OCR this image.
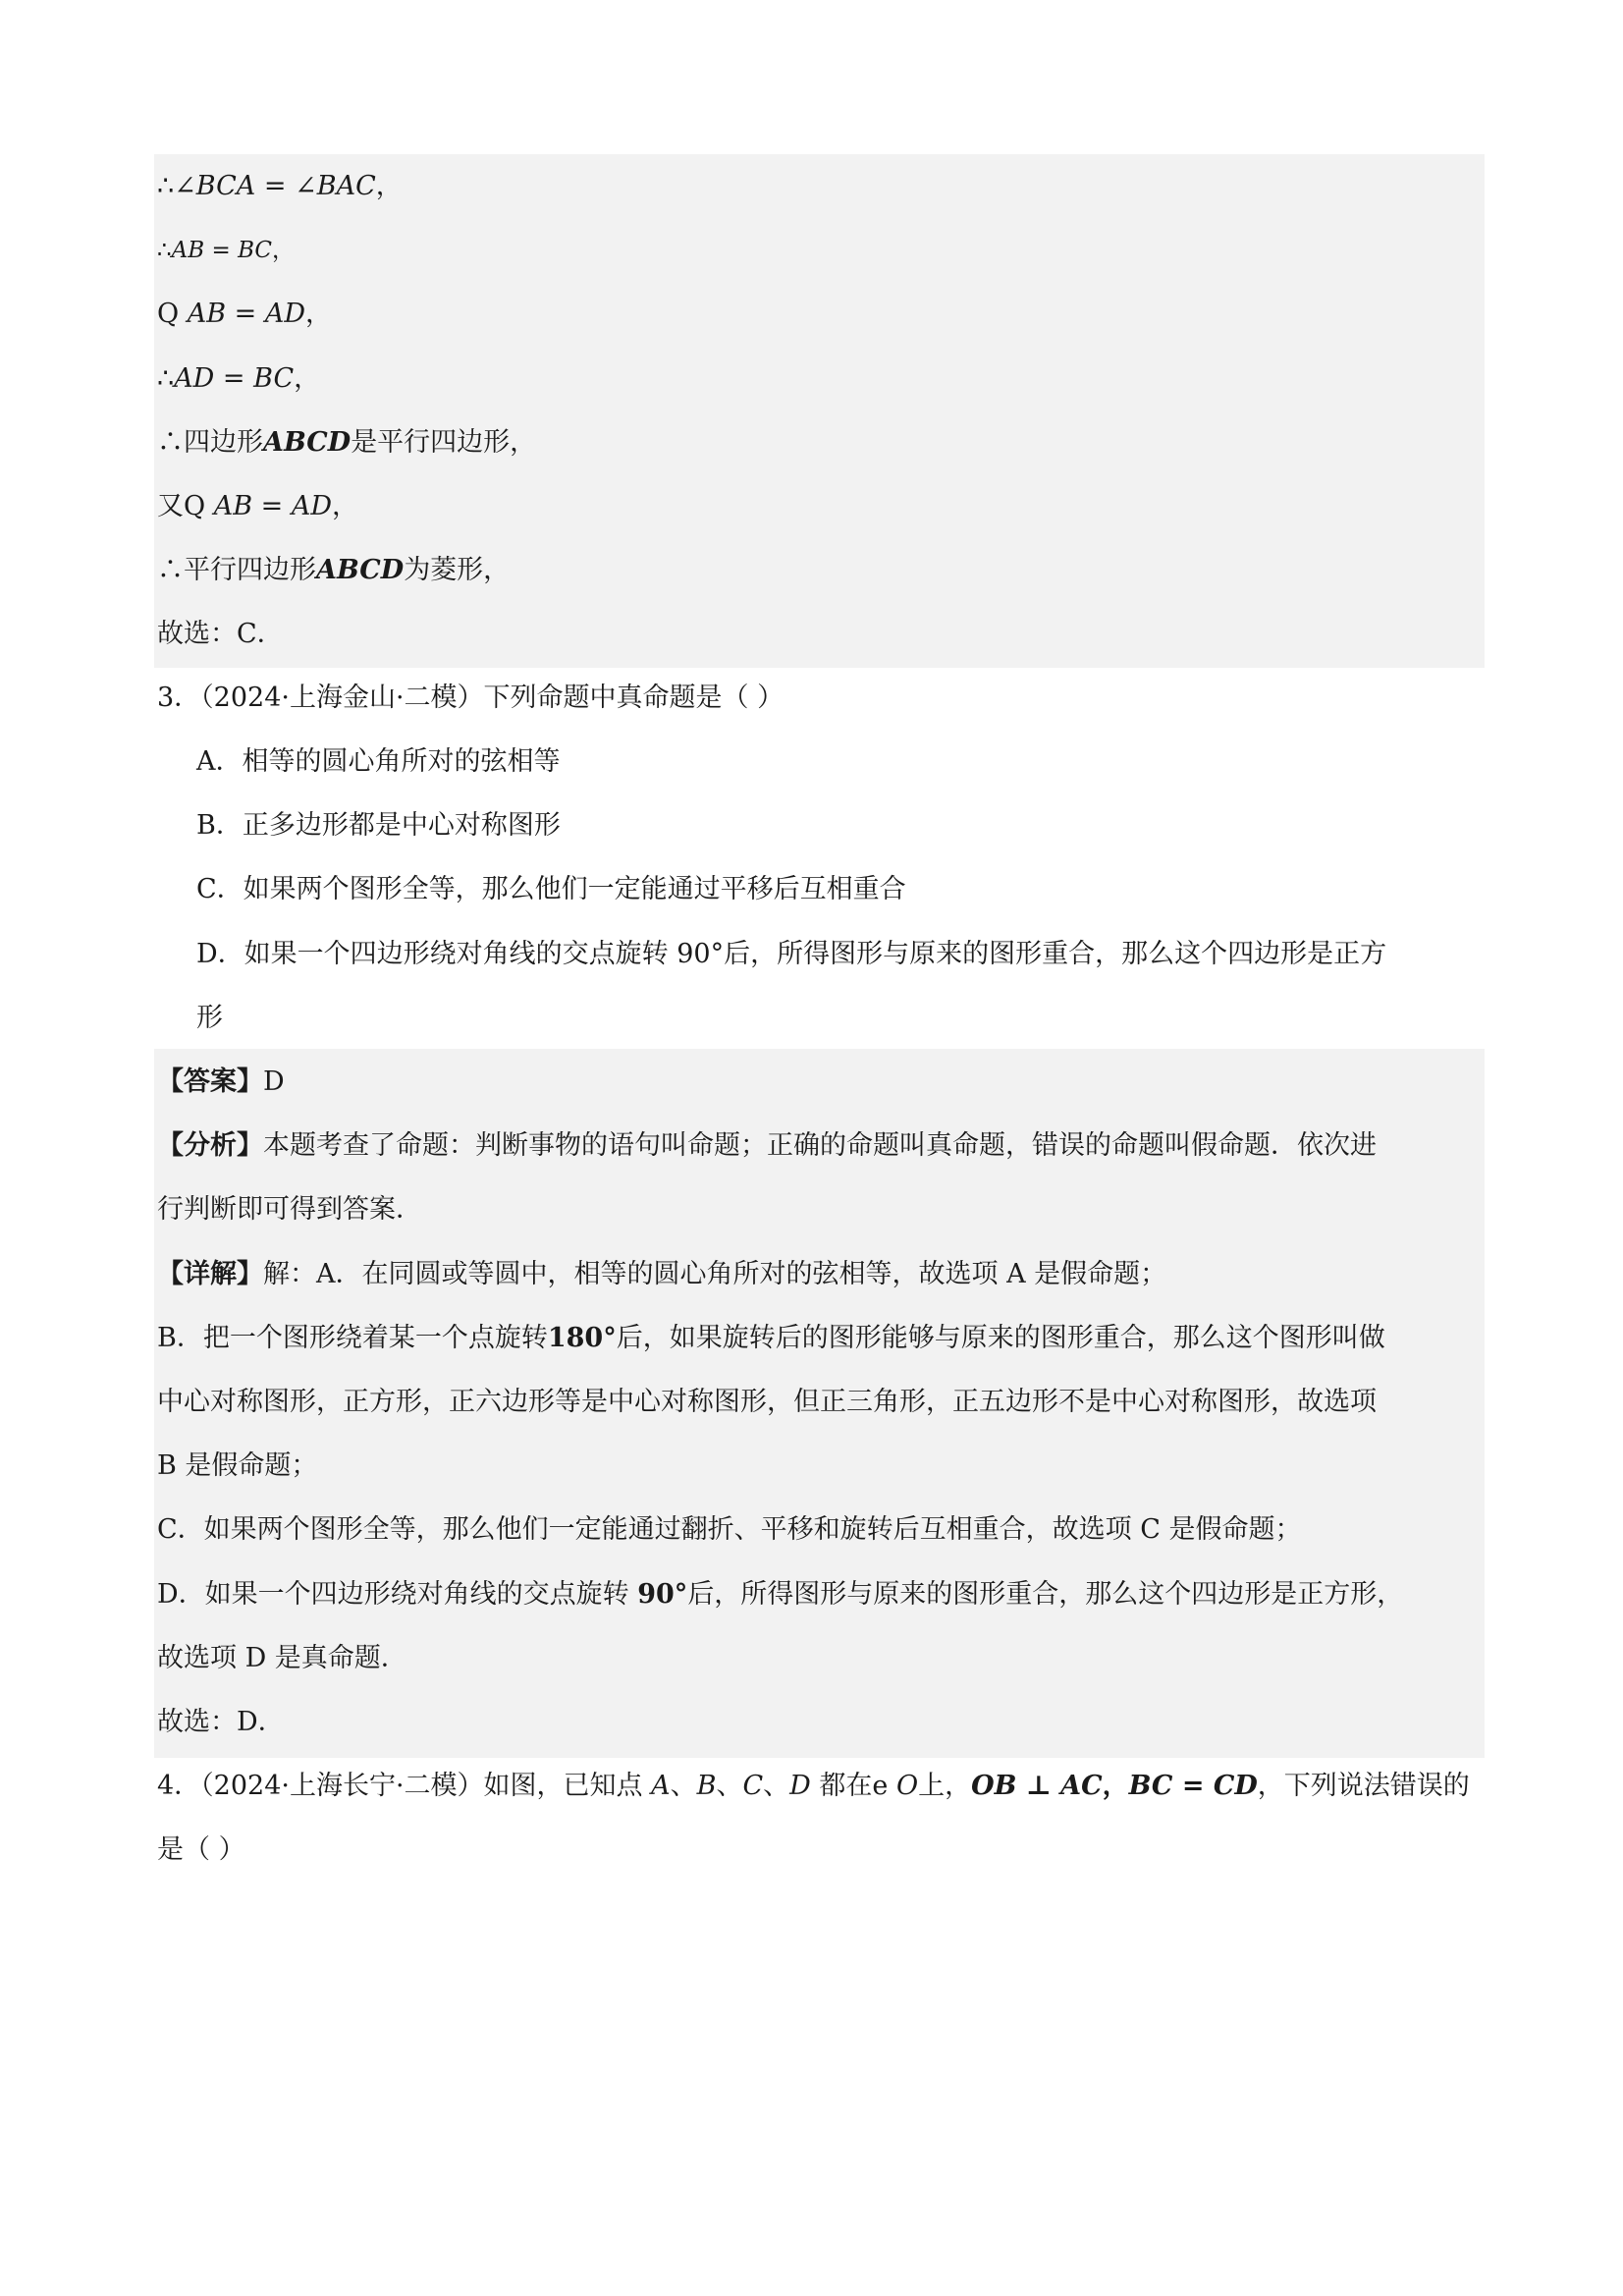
∴∠BCA = ∠BAC，
∴AB = BC，
Q AB = AD，
∴AD = BC，
∴四边形ABCD是平行四边形，
又Q AB = AD，
∴平行四边形ABCD为菱形，
故选：C．
3．（2024·上海金山·二模）下列命题中真命题是（ ）
A．相等的圆心角所对的弦相等
B．正多边形都是中心对称图形
C．如果两个图形全等，那么他们一定能通过平移后互相重合
D．如果一个四边形绕对角线的交点旋转 90°后，所得图形与原来的图形重合，那么这个四边形是正方
形
【答案】D
【分析】本题考查了命题：判断事物的语句叫命题；正确的命题叫真命题，错误的命题叫假命题．依次进
行判断即可得到答案．
【详解】解：A．在同圆或等圆中，相等的圆心角所对的弦相等，故选项 A 是假命题；
B．把一个图形绕着某一个点旋转180°后，如果旋转后的图形能够与原来的图形重合，那么这个图形叫做
中心对称图形，正方形，正六边形等是中心对称图形，但正三角形，正五边形不是中心对称图形，故选项
B 是假命题；
C．如果两个图形全等，那么他们一定能通过翻折、平移和旋转后互相重合，故选项 C 是假命题；
D．如果一个四边形绕对角线的交点旋转 90°后，所得图形与原来的图形重合，那么这个四边形是正方形，
故选项 D 是真命题．
故选：D．
4．（2024·上海长宁·二模）如图，已知点 A、B、C、D 都在e O上，OB ⊥ AC，BC = CD，下列说法错误的
是（ ）
